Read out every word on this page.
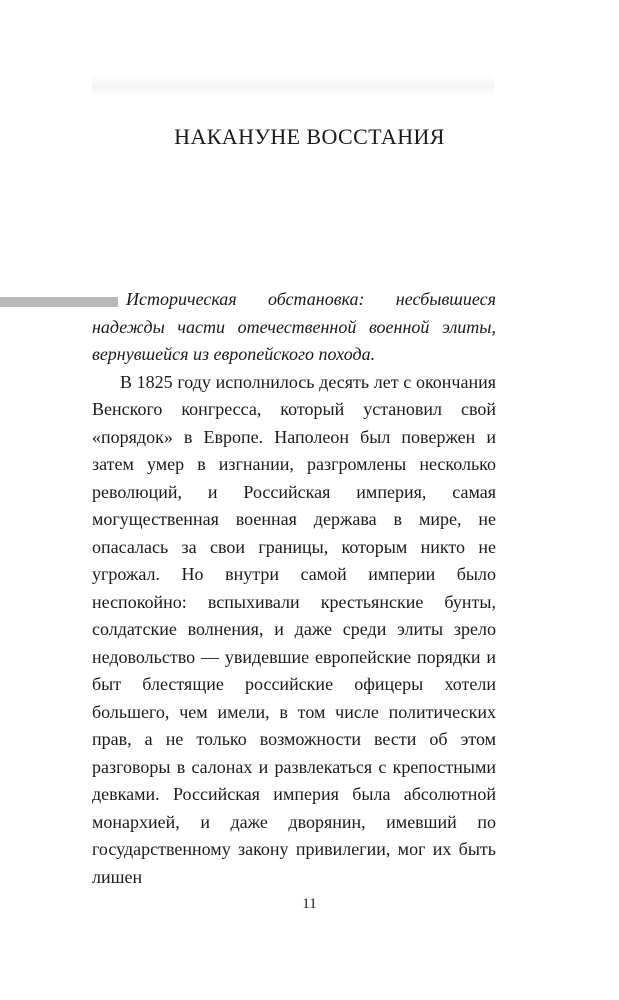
НАКАНУНЕ ВОССТАНИЯ

Историческая обстановка: несбывшиеся надежды части отечественной военной элиты, вернувшейся из европейского похода.

В 1825 году исполнилось десять лет с окончания Венского конгресса, который установил свой «порядок» в Европе. Наполеон был повержен и затем умер в изгнании, разгромлены несколько революций, и Российская империя, самая могущественная военная держава в мире, не опасалась за свои границы, которым никто не угрожал. Но внутри самой империи было неспокойно: вспыхивали крестьянские бунты, солдатские волнения, и даже среди элиты зрело недовольство — увидевшие европейские порядки и быт блестящие российские офицеры хотели большего, чем имели, в том числе политических прав, а не только возможности вести об этом разговоры в салонах и развлекаться с крепостными девками. Российская империя была абсолютной монархией, и даже дворянин, имевший по государственному закону привилегии, мог их быть лишен

11
